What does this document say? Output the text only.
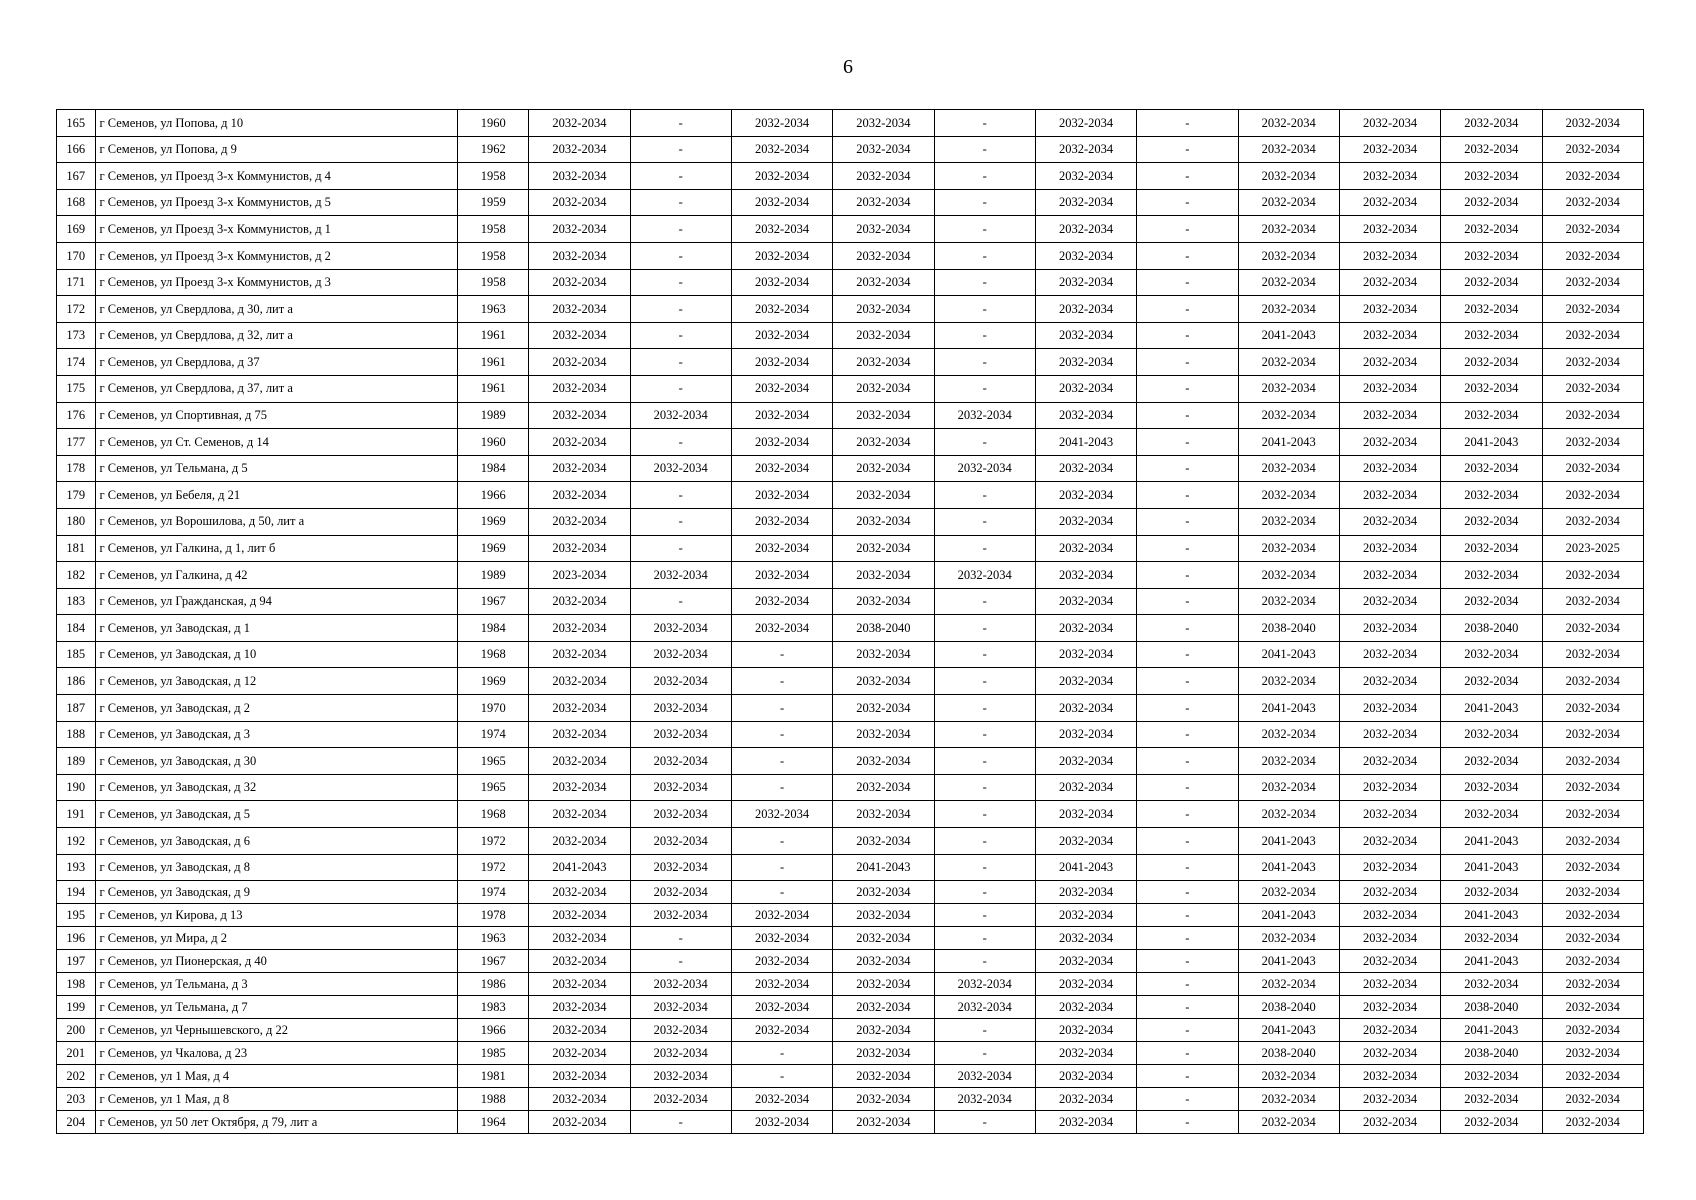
6
165	г Семенов, ул Попова, д 10	1960	2032-2034	-	2032-2034	2032-2034	-	2032-2034	-	2032-2034	2032-2034	2032-2034	2032-2034
166	г Семенов, ул Попова, д 9	1962	2032-2034	-	2032-2034	2032-2034	-	2032-2034	-	2032-2034	2032-2034	2032-2034	2032-2034
167	г Семенов, ул Проезд 3-х Коммунистов, д 4	1958	2032-2034	-	2032-2034	2032-2034	-	2032-2034	-	2032-2034	2032-2034	2032-2034	2032-2034
168	г Семенов, ул Проезд 3-х Коммунистов, д 5	1959	2032-2034	-	2032-2034	2032-2034	-	2032-2034	-	2032-2034	2032-2034	2032-2034	2032-2034
169	г Семенов, ул Проезд 3-х Коммунистов, д 1	1958	2032-2034	-	2032-2034	2032-2034	-	2032-2034	-	2032-2034	2032-2034	2032-2034	2032-2034
170	г Семенов, ул Проезд 3-х Коммунистов, д 2	1958	2032-2034	-	2032-2034	2032-2034	-	2032-2034	-	2032-2034	2032-2034	2032-2034	2032-2034
171	г Семенов, ул Проезд 3-х Коммунистов, д 3	1958	2032-2034	-	2032-2034	2032-2034	-	2032-2034	-	2032-2034	2032-2034	2032-2034	2032-2034
172	г Семенов, ул Свердлова, д 30, лит а	1963	2032-2034	-	2032-2034	2032-2034	-	2032-2034	-	2032-2034	2032-2034	2032-2034	2032-2034
173	г Семенов, ул Свердлова, д 32, лит а	1961	2032-2034	-	2032-2034	2032-2034	-	2032-2034	-	2041-2043	2032-2034	2032-2034	2032-2034
174	г Семенов, ул Свердлова, д 37	1961	2032-2034	-	2032-2034	2032-2034	-	2032-2034	-	2032-2034	2032-2034	2032-2034	2032-2034
175	г Семенов, ул Свердлова, д 37, лит а	1961	2032-2034	-	2032-2034	2032-2034	-	2032-2034	-	2032-2034	2032-2034	2032-2034	2032-2034
176	г Семенов, ул Спортивная, д 75	1989	2032-2034	2032-2034	2032-2034	2032-2034	2032-2034	2032-2034	-	2032-2034	2032-2034	2032-2034	2032-2034
177	г Семенов, ул Ст. Семенов, д 14	1960	2032-2034	-	2032-2034	2032-2034	-	2041-2043	-	2041-2043	2032-2034	2041-2043	2032-2034
178	г Семенов, ул Тельмана, д 5	1984	2032-2034	2032-2034	2032-2034	2032-2034	2032-2034	2032-2034	-	2032-2034	2032-2034	2032-2034	2032-2034
179	г Семенов, ул Бебеля, д 21	1966	2032-2034	-	2032-2034	2032-2034	-	2032-2034	-	2032-2034	2032-2034	2032-2034	2032-2034
180	г Семенов, ул Ворошилова, д 50, лит а	1969	2032-2034	-	2032-2034	2032-2034	-	2032-2034	-	2032-2034	2032-2034	2032-2034	2032-2034
181	г Семенов, ул Галкина, д 1, лит б	1969	2032-2034	-	2032-2034	2032-2034	-	2032-2034	-	2032-2034	2032-2034	2032-2034	2023-2025
182	г Семенов, ул Галкина, д 42	1989	2023-2034	2032-2034	2032-2034	2032-2034	2032-2034	2032-2034	-	2032-2034	2032-2034	2032-2034	2032-2034
183	г Семенов, ул Гражданская, д 94	1967	2032-2034	-	2032-2034	2032-2034	-	2032-2034	-	2032-2034	2032-2034	2032-2034	2032-2034
184	г Семенов, ул Заводская, д 1	1984	2032-2034	2032-2034	2032-2034	2038-2040	-	2032-2034	-	2038-2040	2032-2034	2038-2040	2032-2034
185	г Семенов, ул Заводская, д 10	1968	2032-2034	2032-2034	-	2032-2034	-	2032-2034	-	2041-2043	2032-2034	2032-2034	2032-2034
186	г Семенов, ул Заводская, д 12	1969	2032-2034	2032-2034	-	2032-2034	-	2032-2034	-	2032-2034	2032-2034	2032-2034	2032-2034
187	г Семенов, ул Заводская, д 2	1970	2032-2034	2032-2034	-	2032-2034	-	2032-2034	-	2041-2043	2032-2034	2041-2043	2032-2034
188	г Семенов, ул Заводская, д 3	1974	2032-2034	2032-2034	-	2032-2034	-	2032-2034	-	2032-2034	2032-2034	2032-2034	2032-2034
189	г Семенов, ул Заводская, д 30	1965	2032-2034	2032-2034	-	2032-2034	-	2032-2034	-	2032-2034	2032-2034	2032-2034	2032-2034
190	г Семенов, ул Заводская, д 32	1965	2032-2034	2032-2034	-	2032-2034	-	2032-2034	-	2032-2034	2032-2034	2032-2034	2032-2034
191	г Семенов, ул Заводская, д 5	1968	2032-2034	2032-2034	2032-2034	2032-2034	-	2032-2034	-	2032-2034	2032-2034	2032-2034	2032-2034
192	г Семенов, ул Заводская, д 6	1972	2032-2034	2032-2034	-	2032-2034	-	2032-2034	-	2041-2043	2032-2034	2041-2043	2032-2034
193	г Семенов, ул Заводская, д 8	1972	2041-2043	2032-2034	-	2041-2043	-	2041-2043	-	2041-2043	2032-2034	2041-2043	2032-2034
194	г Семенов, ул Заводская, д 9	1974	2032-2034	2032-2034	-	2032-2034	-	2032-2034	-	2032-2034	2032-2034	2032-2034	2032-2034
195	г Семенов, ул Кирова, д 13	1978	2032-2034	2032-2034	2032-2034	2032-2034	-	2032-2034	-	2041-2043	2032-2034	2041-2043	2032-2034
196	г Семенов, ул Мира, д 2	1963	2032-2034	-	2032-2034	2032-2034	-	2032-2034	-	2032-2034	2032-2034	2032-2034	2032-2034
197	г Семенов, ул Пионерская, д 40	1967	2032-2034	-	2032-2034	2032-2034	-	2032-2034	-	2041-2043	2032-2034	2041-2043	2032-2034
198	г Семенов, ул Тельмана, д 3	1986	2032-2034	2032-2034	2032-2034	2032-2034	2032-2034	2032-2034	-	2032-2034	2032-2034	2032-2034	2032-2034
199	г Семенов, ул Тельмана, д 7	1983	2032-2034	2032-2034	2032-2034	2032-2034	2032-2034	2032-2034	-	2038-2040	2032-2034	2038-2040	2032-2034
200	г Семенов, ул Чернышевского, д 22	1966	2032-2034	2032-2034	2032-2034	2032-2034	-	2032-2034	-	2041-2043	2032-2034	2041-2043	2032-2034
201	г Семенов, ул Чкалова, д 23	1985	2032-2034	2032-2034	-	2032-2034	-	2032-2034	-	2038-2040	2032-2034	2038-2040	2032-2034
202	г Семенов, ул 1 Мая, д 4	1981	2032-2034	2032-2034	-	2032-2034	2032-2034	2032-2034	-	2032-2034	2032-2034	2032-2034	2032-2034
203	г Семенов, ул 1 Мая, д 8	1988	2032-2034	2032-2034	2032-2034	2032-2034	2032-2034	2032-2034	-	2032-2034	2032-2034	2032-2034	2032-2034
204	г Семенов, ул 50 лет Октября, д 79, лит а	1964	2032-2034	-	2032-2034	2032-2034	-	2032-2034	-	2032-2034	2032-2034	2032-2034	2032-2034
